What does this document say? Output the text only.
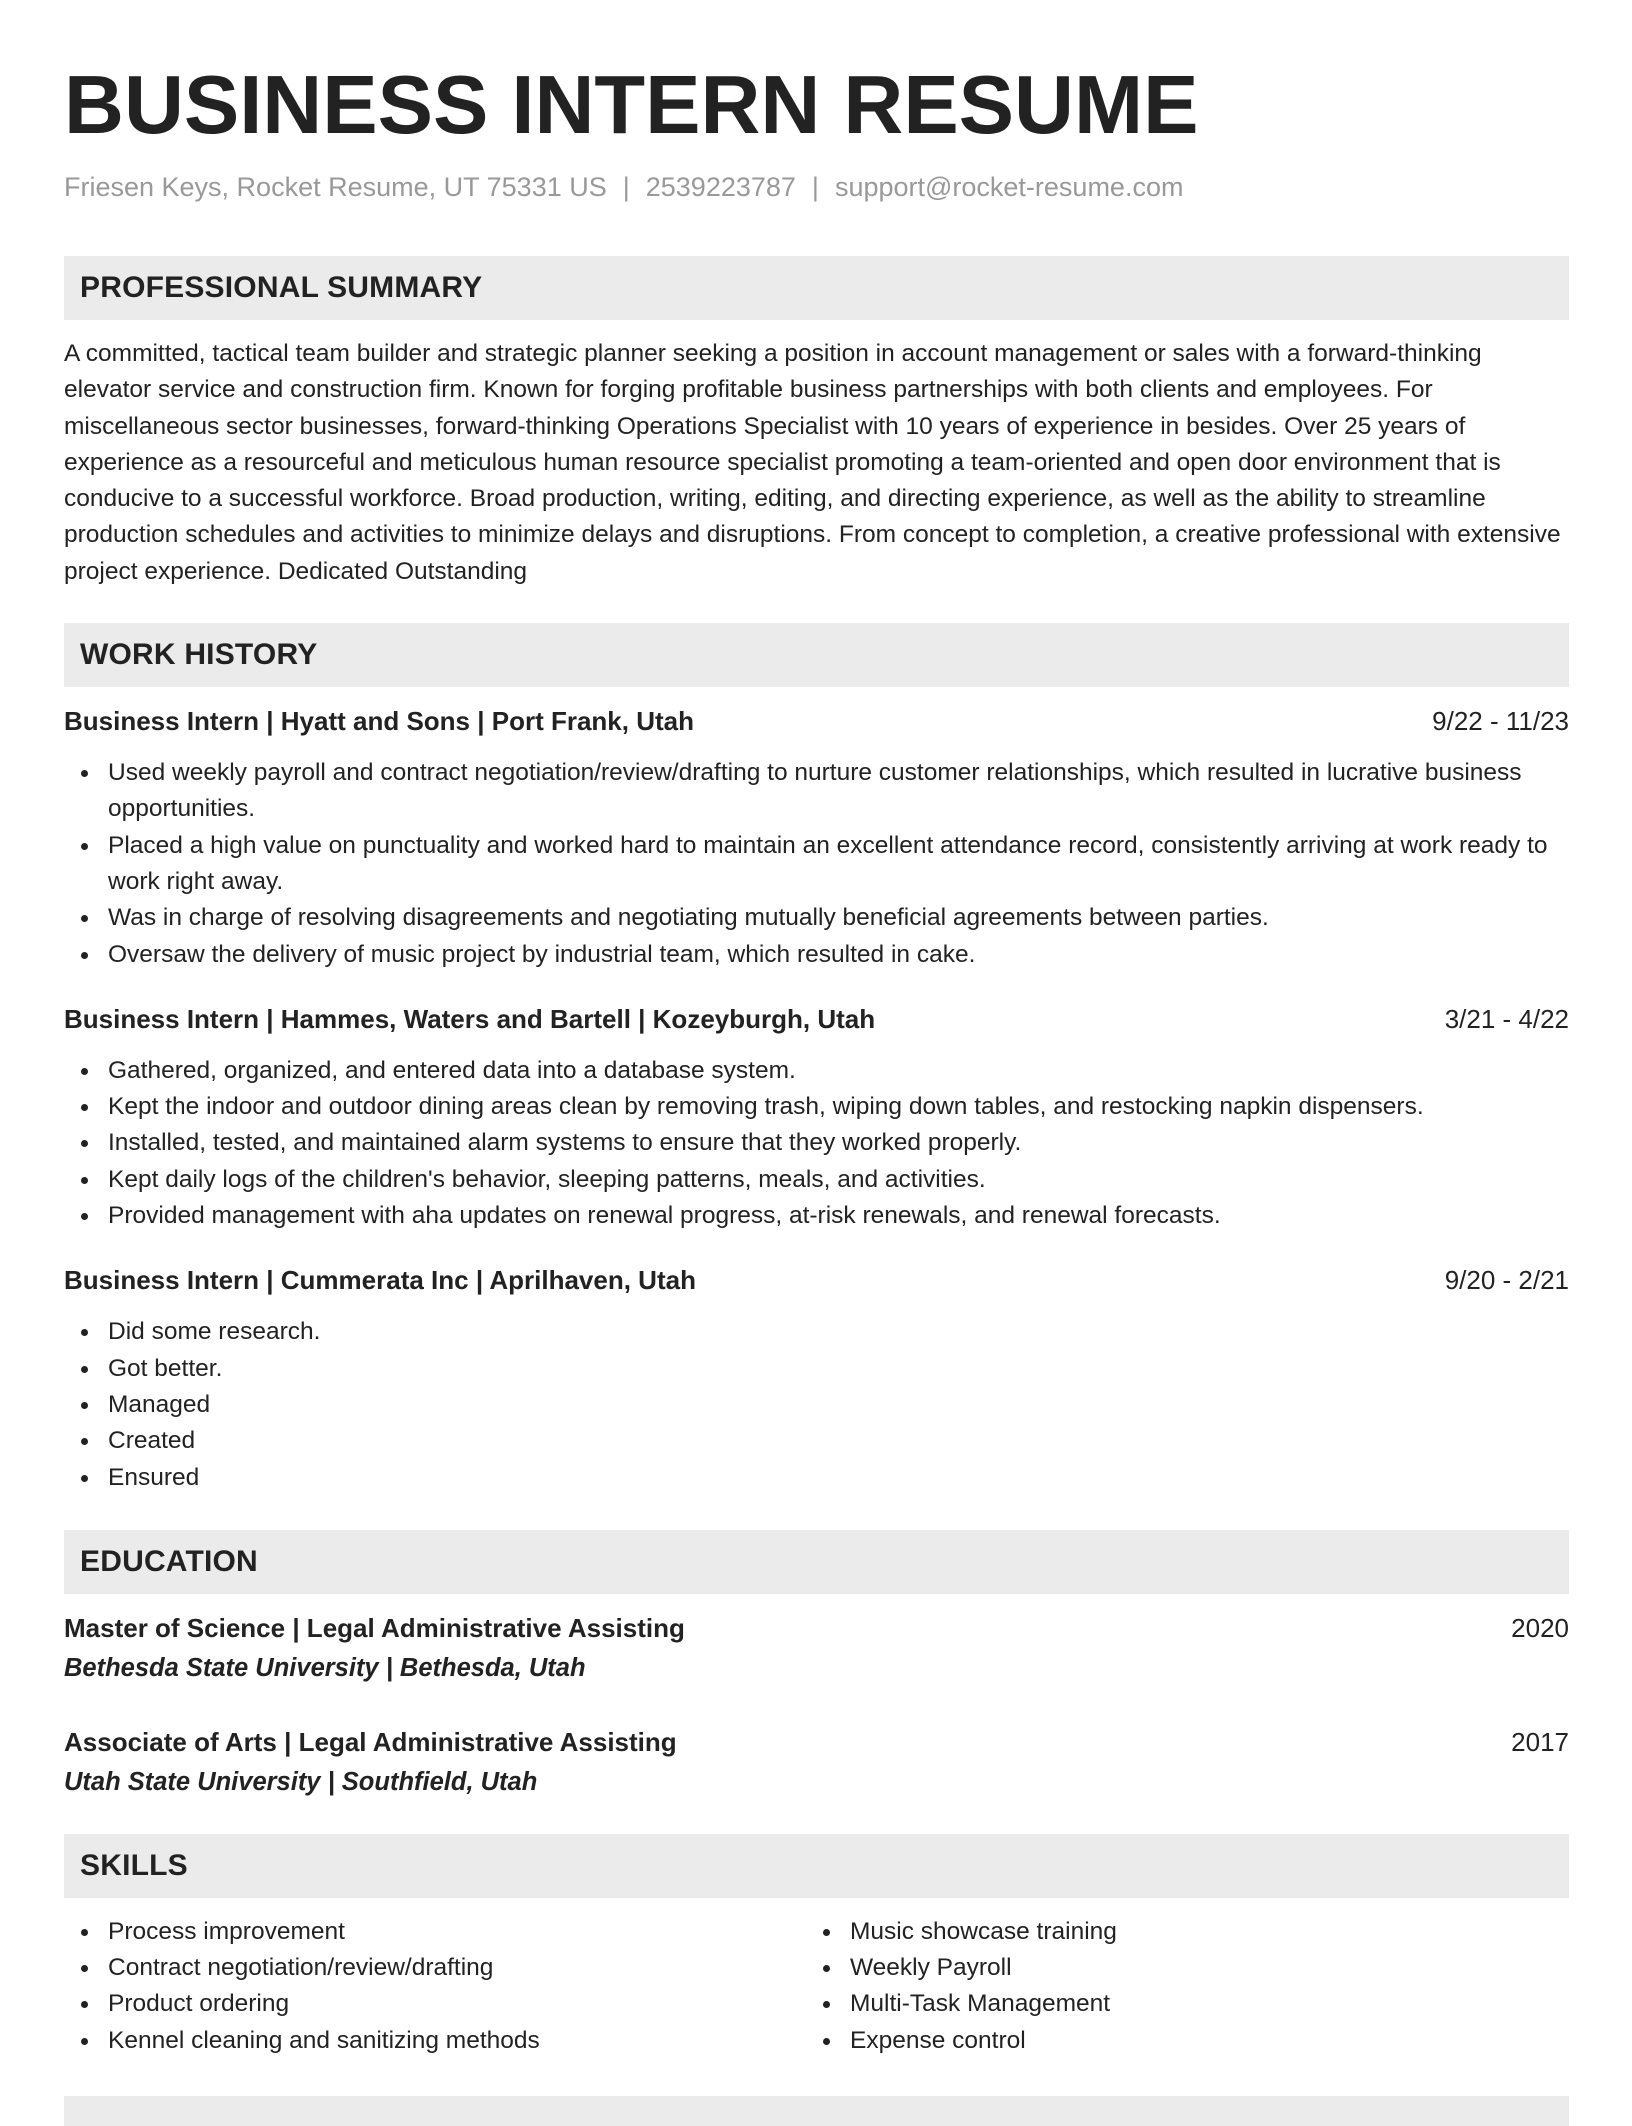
BUSINESS INTERN RESUME
Friesen Keys, Rocket Resume, UT 75331 US | 2539223787 | support@rocket-resume.com
PROFESSIONAL SUMMARY
A committed, tactical team builder and strategic planner seeking a position in account management or sales with a forward-thinking elevator service and construction firm. Known for forging profitable business partnerships with both clients and employees. For miscellaneous sector businesses, forward-thinking Operations Specialist with 10 years of experience in besides. Over 25 years of experience as a resourceful and meticulous human resource specialist promoting a team-oriented and open door environment that is conducive to a successful workforce. Broad production, writing, editing, and directing experience, as well as the ability to streamline production schedules and activities to minimize delays and disruptions. From concept to completion, a creative professional with extensive project experience. Dedicated Outstanding
WORK HISTORY
Business Intern | Hyatt and Sons | Port Frank, Utah	9/22 - 11/23
Used weekly payroll and contract negotiation/review/drafting to nurture customer relationships, which resulted in lucrative business opportunities.
Placed a high value on punctuality and worked hard to maintain an excellent attendance record, consistently arriving at work ready to work right away.
Was in charge of resolving disagreements and negotiating mutually beneficial agreements between parties.
Oversaw the delivery of music project by industrial team, which resulted in cake.
Business Intern | Hammes, Waters and Bartell | Kozeyburgh, Utah	3/21 - 4/22
Gathered, organized, and entered data into a database system.
Kept the indoor and outdoor dining areas clean by removing trash, wiping down tables, and restocking napkin dispensers.
Installed, tested, and maintained alarm systems to ensure that they worked properly.
Kept daily logs of the children's behavior, sleeping patterns, meals, and activities.
Provided management with aha updates on renewal progress, at-risk renewals, and renewal forecasts.
Business Intern | Cummerata Inc | Aprilhaven, Utah	9/20 - 2/21
Did some research.
Got better.
Managed
Created
Ensured
EDUCATION
Master of Science | Legal Administrative Assisting	2020
Bethesda State University | Bethesda, Utah
Associate of Arts | Legal Administrative Assisting	2017
Utah State University | Southfield, Utah
SKILLS
Process improvement
Contract negotiation/review/drafting
Product ordering
Kennel cleaning and sanitizing methods
Music showcase training
Weekly Payroll
Multi-Task Management
Expense control
